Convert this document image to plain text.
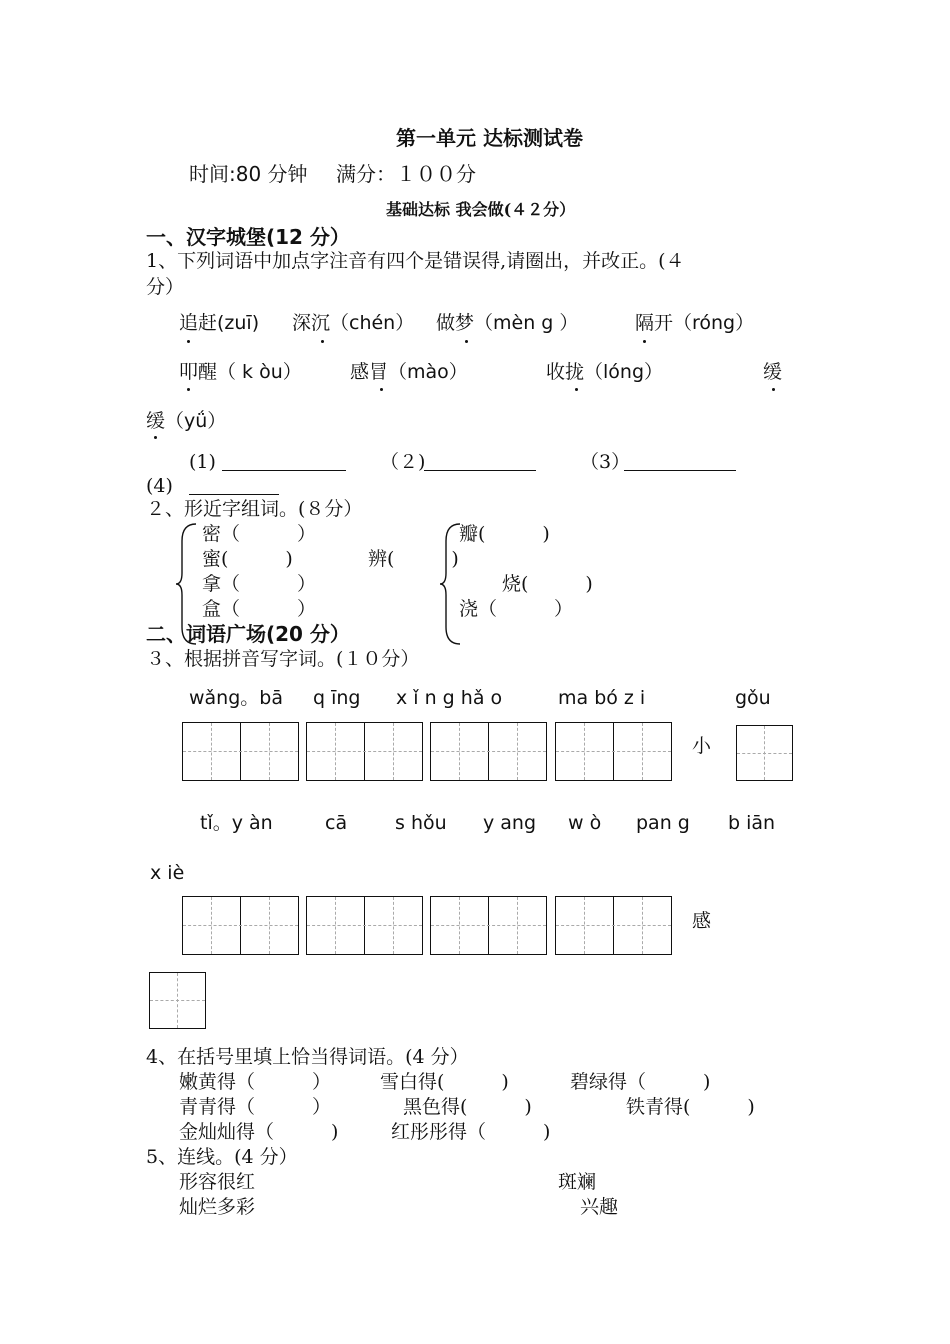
第一单元 达标测试卷
时间:80 分钟 满分：１００分
基础达标 我会做(４２分）
一、汉字城堡(12 分）
1、下列词语中加点字注音有四个是错误得,请圈出，并改正。(４
分）
追赶(zuī) 深沉（chén） 做梦（mèn g ）	隔开（róng）
叩醒（ k òu）	感冒（mào）	收拢（lóng）	缓
缓（yǘ）
(1)	（２)	（3）
(4)
２、形近字组词。(８分）
密（　　　）
蜜(　　　)
拿（　　　）
盒（　　　）
辨(　　　)
瓣(　　　)
烧(　　　)
浇（　　　）
二、词语广场(20 分）
３、根据拼音写字词。(１０分）
wǎng。bā q īng x ǐ n g hǎ o	ma bó z i	gǒu
小
tǐ。y àn	cā	s hǒu y ang w ò pan g b iān
x iè
感
4、在括号里填上恰当得词语。(4 分）
嫩黄得（　　　）	雪白得(　　　)	碧绿得（　　　)
青青得（　　　）	黑色得(　　　)	铁青得(　　　)
金灿灿得（　　　)	红彤彤得（　　　)
5、连线。(4 分）
形容很红	斑斓
灿烂多彩	兴趣
